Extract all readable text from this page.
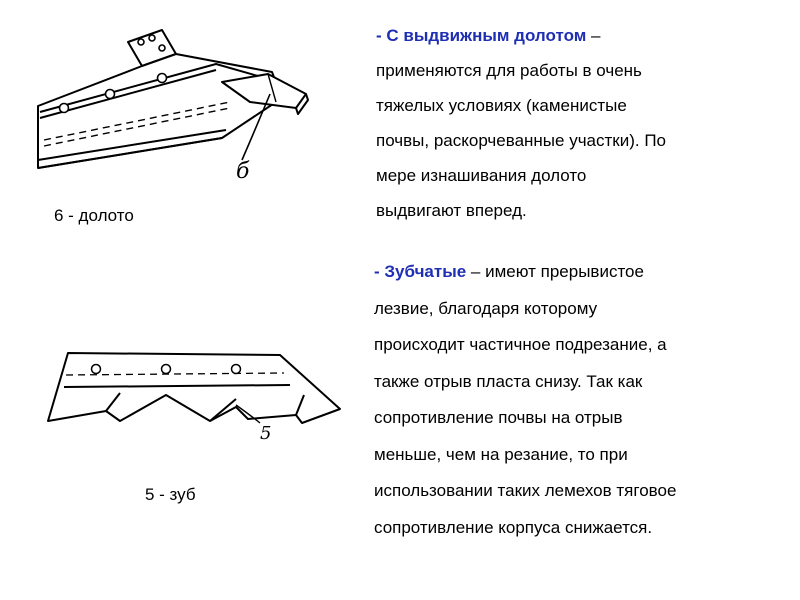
б
6 - долото
5
5 - зуб
- С выдвижным долотом –
применяются для работы в очень
тяжелых условиях (каменистые
почвы, раскорчеванные участки). По
мере изнашивания долото
выдвигают вперед.
- Зубчатые – имеют прерывистое
лезвие, благодаря которому
происходит частичное подрезание, а
также отрыв пласта снизу. Так как
сопротивление почвы на отрыв
меньше, чем на резание, то при
использовании таких лемехов тяговое
сопротивление корпуса снижается.
